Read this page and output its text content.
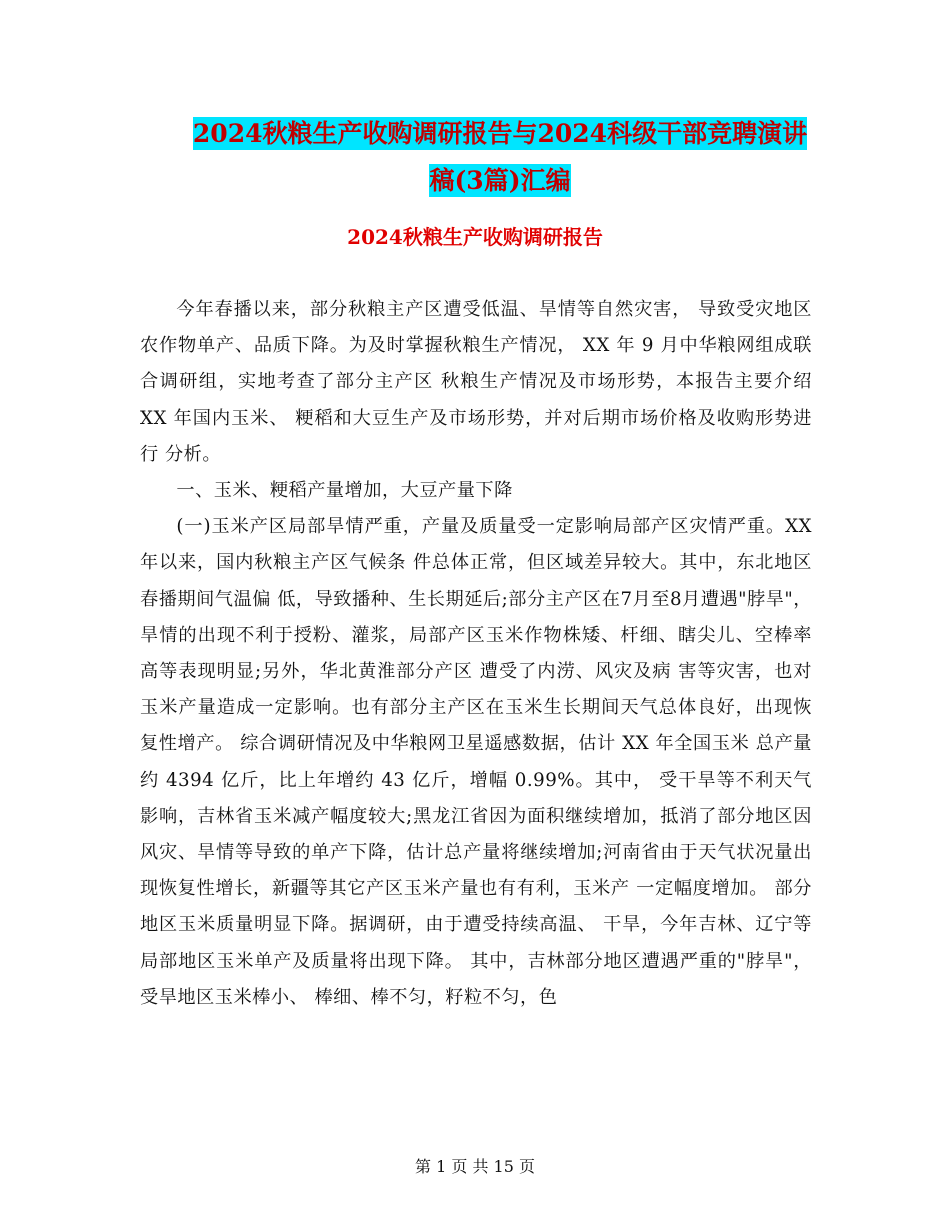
2024秋粮生产收购调研报告与2024科级干部竞聘演讲
稿(3篇)汇编
2024秋粮生产收购调研报告

今年春播以来，部分秋粮主产区遭受低温、旱情等自然灾害， 导致受灾地区农作物单产、品质下降。为及时掌握秋粮生产情况， XX 年 9 月中华粮网组成联合调研组，实地考查了部分主产区 秋粮生产情况及市场形势，本报告主要介绍 XX 年国内玉米、 粳稻和大豆生产及市场形势，并对后期市场价格及收购形势进行 分析。

一、玉米、粳稻产量增加，大豆产量下降

(一)玉米产区局部旱情严重，产量及质量受一定影响局部产区灾情严重。XX 年以来，国内秋粮主产区气候条 件总体正常，但区域差异较大。其中，东北地区春播期间气温偏 低，导致播种、生长期延后;部分主产区在7月至8月遭遇"脖旱"，旱情的出现不利于授粉、灌浆，局部产区玉米作物株矮、杆细、瞎尖儿、空棒率高等表现明显;另外，华北黄淮部分产区 遭受了内涝、风灾及病 害等灾害，也对玉米产量造成一定影响。也有部分主产区在玉米生长期间天气总体良好，出现恢复性增产。 综合调研情况及中华粮网卫星遥感数据，估计 XX 年全国玉米 总产量约 4394 亿斤，比上年增约 43 亿斤，增幅 0.99%。其中， 受干旱等不利天气影响，吉林省玉米减产幅度较大;黑龙江省因为面积继续增加，抵消了部分地区因风灾、旱情等导致的单产下降，估计总产量将继续增加;河南省由于天气状况量出现恢复性增长，新疆等其它产区玉米产量也有有利，玉米产 一定幅度增加。 部分地区玉米质量明显下降。据调研，由于遭受持续高温、 干旱，今年吉林、辽宁等局部地区玉米单产及质量将出现下降。 其中，吉林部分地区遭遇严重的"脖旱"，受旱地区玉米棒小、 棒细、棒不匀，籽粒不匀，色

第 1 页 共 15 页
